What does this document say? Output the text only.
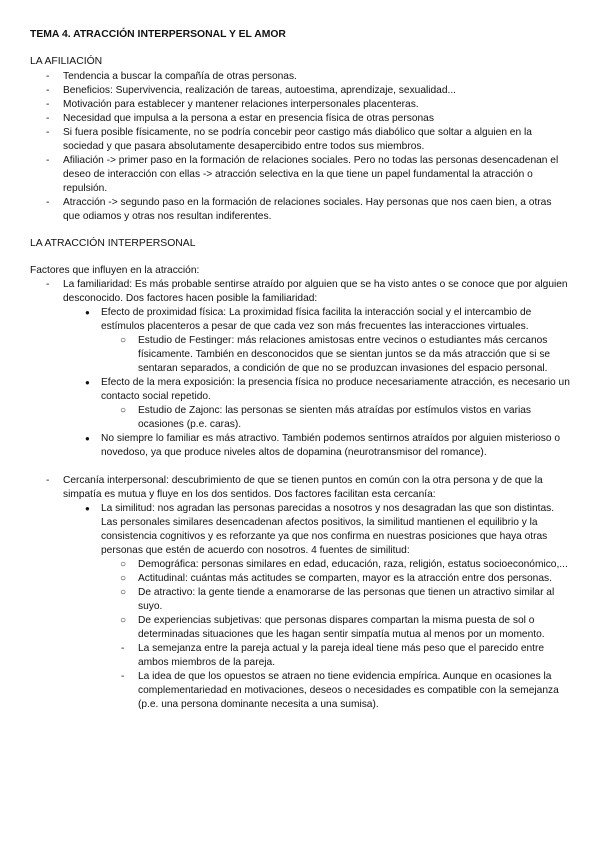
TEMA 4. ATRACCIÓN INTERPERSONAL Y EL AMOR
LA AFILIACIÓN
- Tendencia a buscar la compañía de otras personas.
- Beneficios: Supervivencia, realización de tareas, autoestima, aprendizaje, sexualidad...
- Motivación para establecer y mantener relaciones interpersonales placenteras.
- Necesidad que impulsa a la persona a estar en presencia física de otras personas
- Si fuera posible físicamente, no se podría concebir peor castigo más diabólico que soltar a alguien en la sociedad y que pasara absolutamente desapercibido entre todos sus miembros.
- Afiliación -> primer paso en la formación de relaciones sociales. Pero no todas las personas desencadenan el deseo de interacción con ellas -> atracción selectiva en la que tiene un papel fundamental la atracción o repulsión.
- Atracción -> segundo paso en la formación de relaciones sociales. Hay personas que nos caen bien, a otras que odiamos y otras nos resultan indiferentes.
LA ATRACCIÓN INTERPERSONAL
Factores que influyen en la atracción:
- La familiaridad: Es más probable sentirse atraído por alguien que se ha visto antes o se conoce que por alguien desconocido. Dos factores hacen posible la familiaridad:
● Efecto de proximidad física: La proximidad física facilita la interacción social y el intercambio de estímulos placenteros a pesar de que cada vez son más frecuentes las interacciones virtuales.
○ Estudio de Festinger: más relaciones amistosas entre vecinos o estudiantes más cercanos físicamente. También en desconocidos que se sientan juntos se da más atracción que si se sentaran separados, a condición de que no se produzcan invasiones del espacio personal.
● Efecto de la mera exposición: la presencia física no produce necesariamente atracción, es necesario un contacto social repetido.
○ Estudio de Zajonc: las personas se sienten más atraídas por estímulos vistos en varias ocasiones (p.e. caras).
● No siempre lo familiar es más atractivo. También podemos sentirnos atraídos por alguien misterioso o novedoso, ya que produce niveles altos de dopamina (neurotransmisor del romance).
- Cercanía interpersonal: descubrimiento de que se tienen puntos en común con la otra persona y de que la simpatía es mutua y fluye en los dos sentidos. Dos factores facilitan esta cercanía:
● La similitud: nos agradan las personas parecidas a nosotros y nos desagradan las que son distintas. Las personales similares desencadenan afectos positivos, la similitud mantienen el equilibrio y la consistencia cognitivos y es reforzante ya que nos confirma en nuestras posiciones que haya otras personas que estén de acuerdo con nosotros. 4 fuentes de similitud:
○ Demográfica: personas similares en edad, educación, raza, religión, estatus socioeconómico,...
○ Actitudinal: cuántas más actitudes se comparten, mayor es la atracción entre dos personas.
○ De atractivo: la gente tiende a enamorarse de las personas que tienen un atractivo similar al suyo.
○ De experiencias subjetivas: que personas dispares compartan la misma puesta de sol o determinadas situaciones que les hagan sentir simpatía mutua al menos por un momento.
- La semejanza entre la pareja actual y la pareja ideal tiene más peso que el parecido entre ambos miembros de la pareja.
- La idea de que los opuestos se atraen no tiene evidencia empírica. Aunque en ocasiones la complementariedad en motivaciones, deseos o necesidades es compatible con la semejanza (p.e. una persona dominante necesita a una sumisa).
